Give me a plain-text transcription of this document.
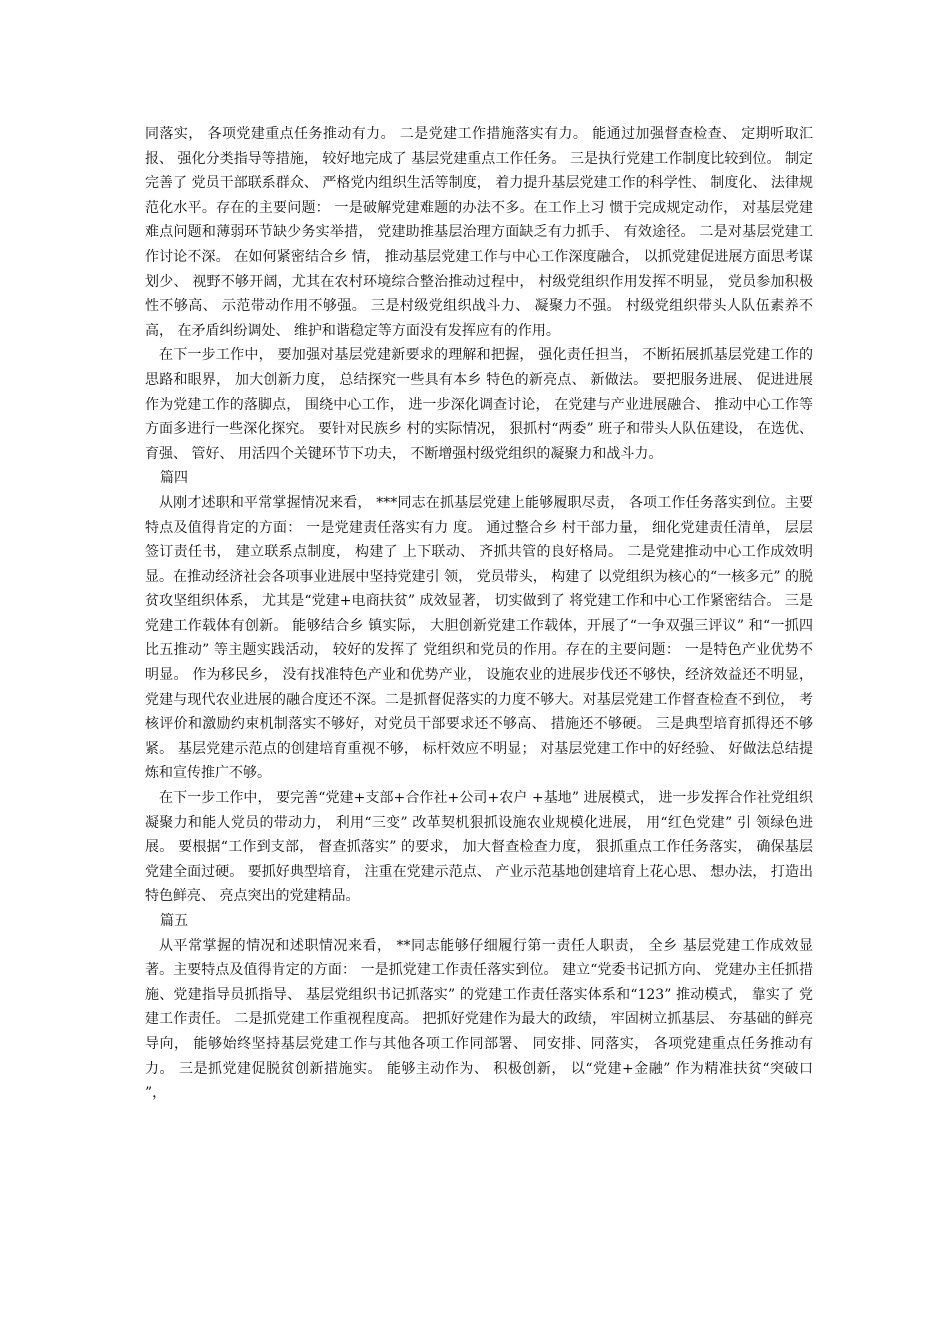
同落实， 各项党建重点任务推动有力。 二是党建工作措施落实有力。 能通过加强督查检查、 定期听取汇报、 强化分类指导等措施， 较好地完成了 基层党建重点工作任务。 三是执行党建工作制度比较到位。 制定完善了 党员干部联系群众、 严格党内组织生活等制度， 着力提升基层党建工作的科学性、 制度化、 法律规范化水平。存在的主要问题： 一是破解党建难题的办法不多。在工作上习 惯于完成规定动作， 对基层党建难点问题和薄弱环节缺少务实举措， 党建助推基层治理方面缺乏有力抓手、 有效途径。 二是对基层党建工作讨论不深。 在如何紧密结合乡 情， 推动基层党建工作与中心工作深度融合， 以抓党建促进展方面思考谋划少、 视野不够开阔，尤其在农村环境综合整治推动过程中， 村级党组织作用发挥不明显， 党员参加积极性不够高、 示范带动作用不够强。 三是村级党组织战斗力、 凝聚力不强。 村级党组织带头人队伍素养不高， 在矛盾纠纷调处、 维护和谐稳定等方面没有发挥应有的作用。

在下一步工作中， 要加强对基层党建新要求的理解和把握， 强化责任担当， 不断拓展抓基层党建工作的思路和眼界， 加大创新力度， 总结探究一些具有本乡 特色的新亮点、 新做法。 要把服务进展、 促进进展作为党建工作的落脚点， 围绕中心工作， 进一步深化调查讨论， 在党建与产业进展融合、 推动中心工作等方面多进行一些深化探究。 要针对民族乡 村的实际情况， 狠抓村“两委” 班子和带头人队伍建设， 在选优、 育强、 管好、 用活四个关键环节下功夫， 不断增强村级党组织的凝聚力和战斗力。

篇四

从刚才述职和平常掌握情况来看， ***同志在抓基层党建上能够履职尽责， 各项工作任务落实到位。主要特点及值得肯定的方面： 一是党建责任落实有力 度。 通过整合乡 村干部力量， 细化党建责任清单， 层层签订责任书， 建立联系点制度， 构建了 上下联动、 齐抓共管的良好格局。 二是党建推动中心工作成效明显。在推动经济社会各项事业进展中坚持党建引 领， 党员带头， 构建了 以党组织为核心的“一核多元” 的脱贫攻坚组织体系， 尤其是“党建+电商扶贫” 成效显著， 切实做到了 将党建工作和中心工作紧密结合。 三是党建工作载体有创新。 能够结合乡 镇实际， 大胆创新党建工作载体，开展了“一争双强三评议” 和“一抓四比五推动” 等主题实践活动， 较好的发挥了 党组织和党员的作用。存在的主要问题： 一是特色产业优势不明显。 作为移民乡， 没有找准特色产业和优势产业， 设施农业的进展步伐还不够快，经济效益还不明显， 党建与现代农业进展的融合度还不深。二是抓督促落实的力度不够大。对基层党建工作督查检查不到位， 考核评价和激励约束机制落实不够好，对党员干部要求还不够高、 措施还不够硬。 三是典型培育抓得还不够紧。 基层党建示范点的创建培育重视不够， 标杆效应不明显； 对基层党建工作中的好经验、 好做法总结提炼和宣传推广不够。

在下一步工作中， 要完善“党建+支部+合作社+公司+农户 +基地” 进展模式， 进一步发挥合作社党组织凝聚力和能人党员的带动力， 利用“三变” 改革契机狠抓设施农业规模化进展， 用“红色党建” 引 领绿色进展。 要根据“工作到支部， 督查抓落实” 的要求， 加大督查检查力度， 狠抓重点工作任务落实， 确保基层党建全面过硬。 要抓好典型培育， 注重在党建示范点、 产业示范基地创建培育上花心思、 想办法， 打造出特色鲜亮、 亮点突出的党建精品。

篇五

从平常掌握的情况和述职情况来看， **同志能够仔细履行第一责任人职责， 全乡 基层党建工作成效显著。主要特点及值得肯定的方面： 一是抓党建工作责任落实到位。 建立“党委书记抓方向、 党建办主任抓措施、党建指导员抓指导、 基层党组织书记抓落实” 的党建工作责任落实体系和“123” 推动模式， 靠实了 党建工作责任。 二是抓党建工作重视程度高。 把抓好党建作为最大的政绩， 牢固树立抓基层、 夯基础的鲜亮导向， 能够始终坚持基层党建工作与其他各项工作同部署、 同安排、同落实， 各项党建重点任务推动有力。 三是抓党建促脱贫创新措施实。 能够主动作为、 积极创新， 以“党建+金融” 作为精准扶贫“突破口 ”，
